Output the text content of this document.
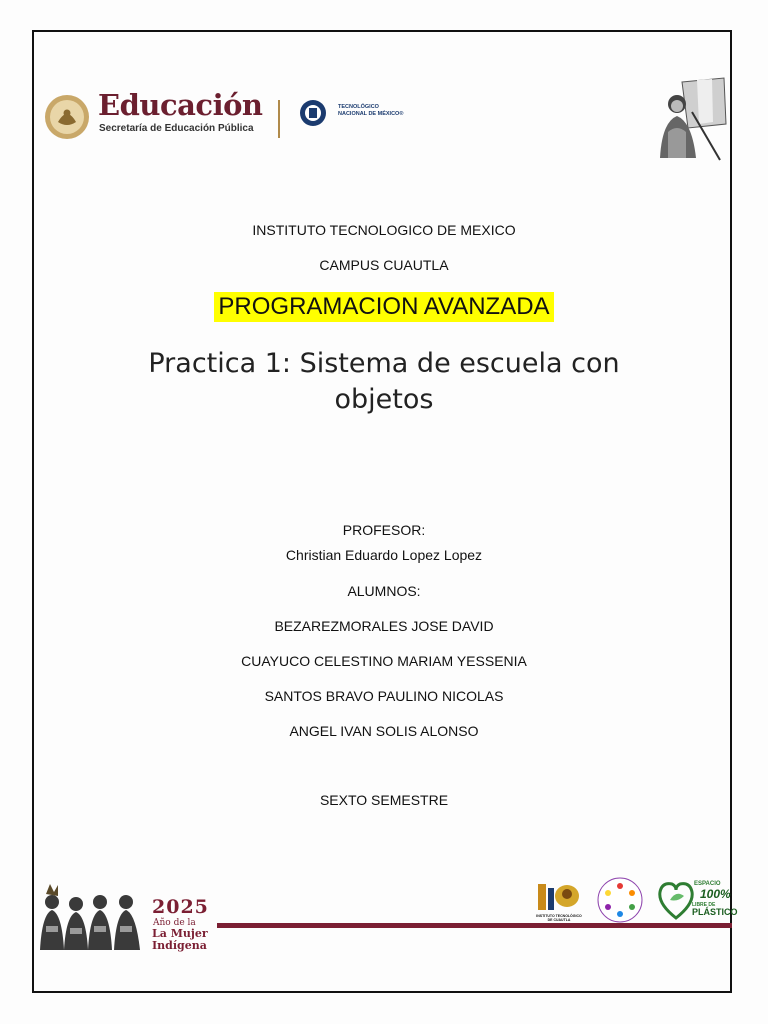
Educación
Secretaría de Educación Pública
TECNOLÓGICO
NACIONAL DE MÉXICO®
INSTITUTO TECNOLOGICO DE MEXICO
CAMPUS CUAUTLA
PROGRAMACION AVANZADA
Practica 1: Sistema de escuela con objetos
PROFESOR:
Christian Eduardo Lopez Lopez
ALUMNOS:
BEZAREZMORALES JOSE DAVID
CUAYUCO CELESTINO MARIAM YESSENIA
SANTOS BRAVO PAULINO NICOLAS
ANGEL IVAN SOLIS ALONSO
SEXTO SEMESTRE
2025
Año de la
La Mujer
Indígena
INSTITUTO TECNOLÓGICO DE CUAUTLA
ESPACIO
100%
LIBRE DE
PLÁSTICO
